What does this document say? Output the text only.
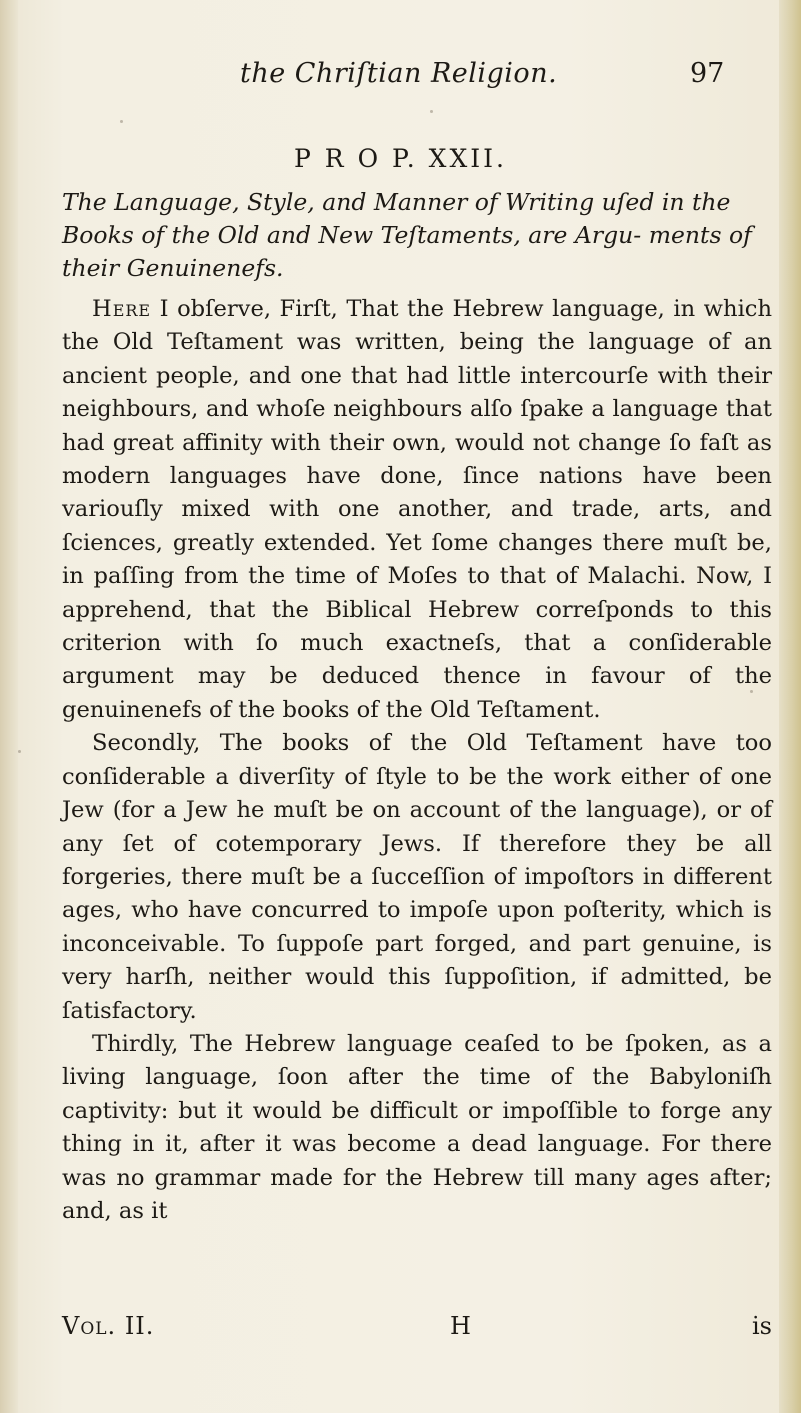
the Chriſtian Religion.	97
P R O P. XXII.
The Language, Style, and Manner of Writing uſed in the Books of the Old and New Teſtaments, are Argu- ments of their Genuinenefs.

Here I obſerve, Firſt, That the Hebrew language, in which the Old Teſtament was written, being the language of an ancient people, and one that had little intercourſe with their neighbours, and whoſe neighbours alſo ſpake a language that had great affinity with their own, would not change ſo faſt as modern languages have done, ſince nations have been variouſly mixed with one another, and trade, arts, and ſciences, greatly extended. Yet ſome changes there muſt be, in paſſing from the time of Moſes to that of Malachi. Now, I apprehend, that the Biblical Hebrew correſponds to this criterion with ſo much exactneſs, that a conſiderable argument may be deduced thence in favour of the genuinenefs of the books of the Old Teſtament.

Secondly, The books of the Old Teſtament have too conſiderable a diverſity of ſtyle to be the work either of one Jew (for a Jew he muſt be on account of the language), or of any ſet of cotemporary Jews. If therefore they be all forgeries, there muſt be a ſucceſſion of impoſtors in different ages, who have concurred to impoſe upon poſterity, which is inconceivable. To ſuppoſe part forged, and part genuine, is very harſh, neither would this ſuppoſition, if admitted, be ſatisfactory.

Thirdly, The Hebrew language ceaſed to be ſpoken, as a living language, ſoon after the time of the Babyloniſh captivity: but it would be difficult or impoſſible to forge any thing in it, after it was become a dead language. For there was no grammar made for the Hebrew till many ages after; and, as it

Vol. II.	H	is
